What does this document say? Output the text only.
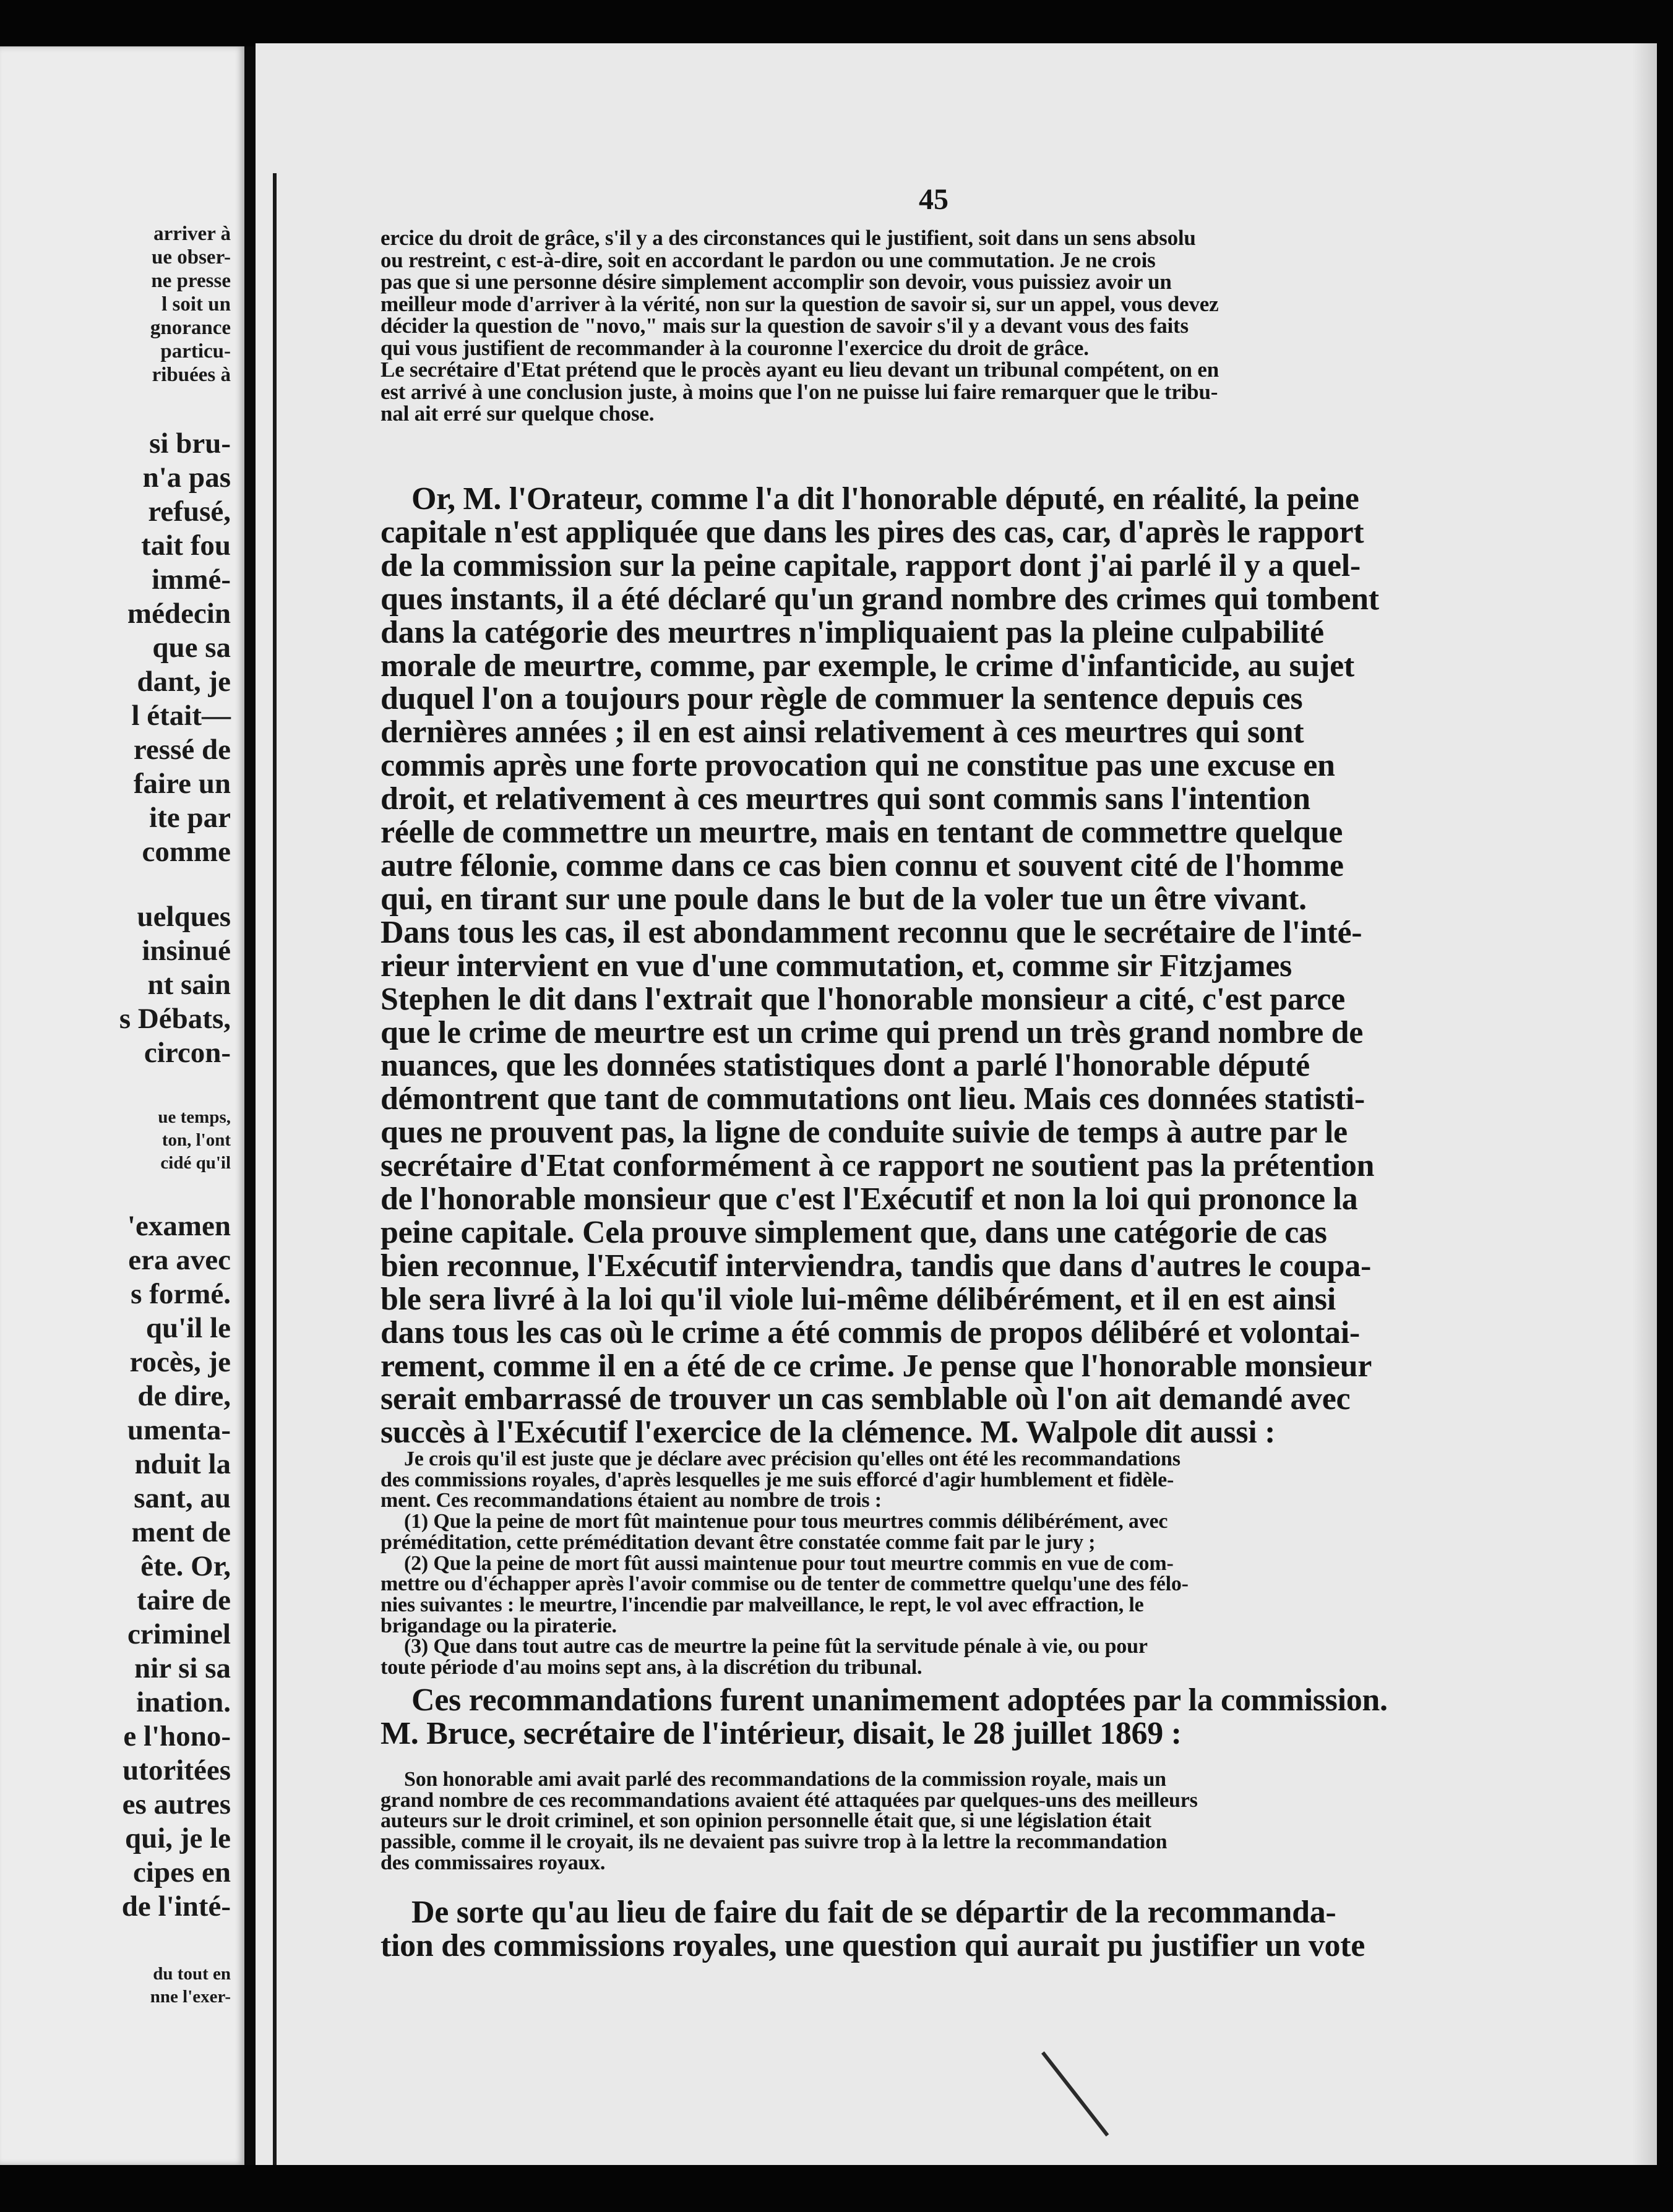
arriver à
ue obser-
ne presse
l soit un
gnorance
particu-
ribuées à
si bru-
n'a pas
refusé,
tait fou
immé-
médecin
que sa
dant, je
l était—
ressé de
faire un
ite par
comme
uelques
insinué
nt sain
s Débats,
circon-
ue temps,
ton, l'ont
cidé qu'il
'examen
era avec
s formé.
qu'il le
rocès, je
de dire,
umenta-
nduit la
sant, au
ment de
ête. Or,
taire de
criminel
nir si sa
ination.
e l'hono-
utoritées
es autres
qui, je le
cipes en
de l'inté-
du tout en
nne l'exer-
45
ercice du droit de grâce, s'il y a des circonstances qui le justifient, soit dans un sens absolu
ou restreint, c est-à-dire, soit en accordant le pardon ou une commutation. Je ne crois
pas que si une personne désire simplement accomplir son devoir, vous puissiez avoir un
meilleur mode d'arriver à la vérité, non sur la question de savoir si, sur un appel, vous devez
décider la question de "novo," mais sur la question de savoir s'il y a devant vous des faits
qui vous justifient de recommander à la couronne l'exercice du droit de grâce.
Le secrétaire d'Etat prétend que le procès ayant eu lieu devant un tribunal compétent, on en
est arrivé à une conclusion juste, à moins que l'on ne puisse lui faire remarquer que le tribu-
nal ait erré sur quelque chose.
Or, M. l'Orateur, comme l'a dit l'honorable député, en réalité, la peine
capitale n'est appliquée que dans les pires des cas, car, d'après le rapport
de la commission sur la peine capitale, rapport dont j'ai parlé il y a quel-
ques instants, il a été déclaré qu'un grand nombre des crimes qui tombent
dans la catégorie des meurtres n'impliquaient pas la pleine culpabilité
morale de meurtre, comme, par exemple, le crime d'infanticide, au sujet
duquel l'on a toujours pour règle de commuer la sentence depuis ces
dernières années ; il en est ainsi relativement à ces meurtres qui sont
commis après une forte provocation qui ne constitue pas une excuse en
droit, et relativement à ces meurtres qui sont commis sans l'intention
réelle de commettre un meurtre, mais en tentant de commettre quelque
autre félonie, comme dans ce cas bien connu et souvent cité de l'homme
qui, en tirant sur une poule dans le but de la voler tue un être vivant.
Dans tous les cas, il est abondamment reconnu que le secrétaire de l'inté-
rieur intervient en vue d'une commutation, et, comme sir Fitzjames
Stephen le dit dans l'extrait que l'honorable monsieur a cité, c'est parce
que le crime de meurtre est un crime qui prend un très grand nombre de
nuances, que les données statistiques dont a parlé l'honorable député
démontrent que tant de commutations ont lieu. Mais ces données statisti-
ques ne prouvent pas, la ligne de conduite suivie de temps à autre par le
secrétaire d'Etat conformément à ce rapport ne soutient pas la prétention
de l'honorable monsieur que c'est l'Exécutif et non la loi qui prononce la
peine capitale. Cela prouve simplement que, dans une catégorie de cas
bien reconnue, l'Exécutif interviendra, tandis que dans d'autres le coupa-
ble sera livré à la loi qu'il viole lui-même délibérément, et il en est ainsi
dans tous les cas où le crime a été commis de propos délibéré et volontai-
rement, comme il en a été de ce crime. Je pense que l'honorable monsieur
serait embarrassé de trouver un cas semblable où l'on ait demandé avec
succès à l'Exécutif l'exercice de la clémence. M. Walpole dit aussi :
Je crois qu'il est juste que je déclare avec précision qu'elles ont été les recommandations
des commissions royales, d'après lesquelles je me suis efforcé d'agir humblement et fidèle-
ment. Ces recommandations étaient au nombre de trois :
(1) Que la peine de mort fût maintenue pour tous meurtres commis délibérément, avec
préméditation, cette préméditation devant être constatée comme fait par le jury ;
(2) Que la peine de mort fût aussi maintenue pour tout meurtre commis en vue de com-
mettre ou d'échapper après l'avoir commise ou de tenter de commettre quelqu'une des félo-
nies suivantes : le meurtre, l'incendie par malveillance, le rept, le vol avec effraction, le
brigandage ou la piraterie.
(3) Que dans tout autre cas de meurtre la peine fût la servitude pénale à vie, ou pour
toute période d'au moins sept ans, à la discrétion du tribunal.
Ces recommandations furent unanimement adoptées par la commission.
M. Bruce, secrétaire de l'intérieur, disait, le 28 juillet 1869 :
Son honorable ami avait parlé des recommandations de la commission royale, mais un
grand nombre de ces recommandations avaient été attaquées par quelques-uns des meilleurs
auteurs sur le droit criminel, et son opinion personnelle était que, si une législation était
passible, comme il le croyait, ils ne devaient pas suivre trop à la lettre la recommandation
des commissaires royaux.
De sorte qu'au lieu de faire du fait de se départir de la recommanda-
tion des commissions royales, une question qui aurait pu justifier un vote
